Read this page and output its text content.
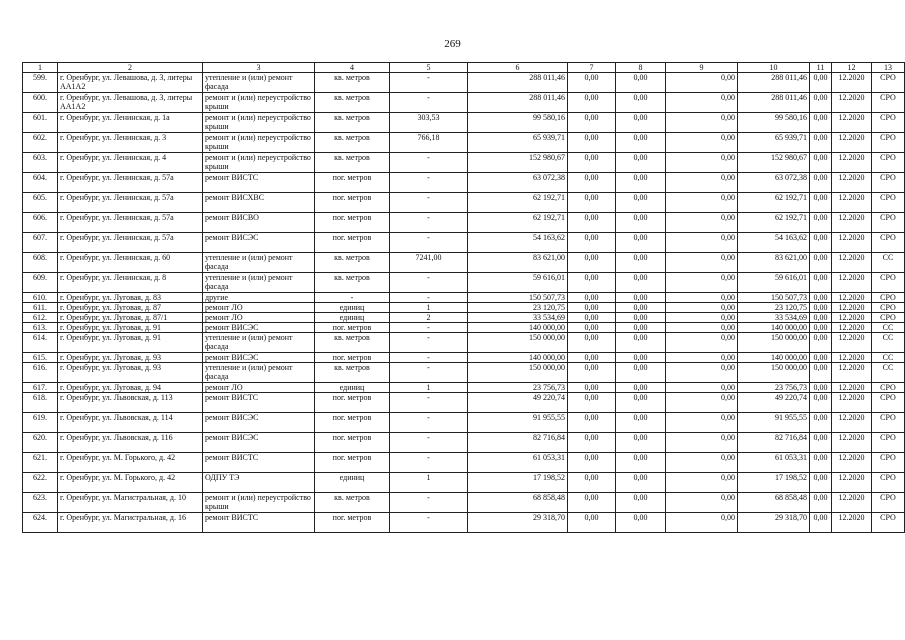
269
1	2	3	4	5	6	7	8	9	10	11	12	13
599.	г. Оренбург, ул. Левашова, д. 3, литеры АА1А2	утепление и (или) ремонт фасада	кв. метров	-	288 011,46	0,00	0,00	0,00	288 011,46	0,00	12.2020	СРО
600.	г. Оренбург, ул. Левашова, д. 3, литеры АА1А2	ремонт и (или) переустройство крыши	кв. метров	-	288 011,46	0,00	0,00	0,00	288 011,46	0,00	12.2020	СРО
601.	г. Оренбург, ул. Ленинская, д. 1а	ремонт и (или) переустройство крыши	кв. метров	303,53	99 580,16	0,00	0,00	0,00	99 580,16	0,00	12.2020	СРО
602.	г. Оренбург, ул. Ленинская, д. 3	ремонт и (или) переустройство крыши	кв. метров	766,18	65 939,71	0,00	0,00	0,00	65 939,71	0,00	12.2020	СРО
603.	г. Оренбург, ул. Ленинская, д. 4	ремонт и (или) переустройство крыши	кв. метров	-	152 980,67	0,00	0,00	0,00	152 980,67	0,00	12.2020	СРО
604.	г. Оренбург, ул. Ленинская, д. 57а	ремонт ВИСТС	пог. метров	-	63 072,38	0,00	0,00	0,00	63 072,38	0,00	12.2020	СРО
605.	г. Оренбург, ул. Ленинская, д. 57а	ремонт ВИСХВС	пог. метров	-	62 192,71	0,00	0,00	0,00	62 192,71	0,00	12.2020	СРО
606.	г. Оренбург, ул. Ленинская, д. 57а	ремонт ВИСВО	пог. метров	-	62 192,71	0,00	0,00	0,00	62 192,71	0,00	12.2020	СРО
607.	г. Оренбург, ул. Ленинская, д. 57а	ремонт ВИСЭС	пог. метров	-	54 163,62	0,00	0,00	0,00	54 163,62	0,00	12.2020	СРО
608.	г. Оренбург, ул. Ленинская, д. 60	утепление и (или) ремонт фасада	кв. метров	7241,00	83 621,00	0,00	0,00	0,00	83 621,00	0,00	12.2020	СС
609.	г. Оренбург, ул. Ленинская, д. 8	утепление и (или) ремонт фасада	кв. метров	-	59 616,01	0,00	0,00	0,00	59 616,01	0,00	12.2020	СРО
610.	г. Оренбург, ул. Луговая, д. 83	другие	-	-	150 507,73	0,00	0,00	0,00	150 507,73	0,00	12.2020	СРО
611.	г. Оренбург, ул. Луговая, д. 87	ремонт ЛО	единиц	1	23 120,75	0,00	0,00	0,00	23 120,75	0,00	12.2020	СРО
612.	г. Оренбург, ул. Луговая, д. 87/1	ремонт ЛО	единиц	2	33 534,69	0,00	0,00	0,00	33 534,69	0,00	12.2020	СРО
613.	г. Оренбург, ул. Луговая, д. 91	ремонт ВИСЭС	пог. метров	-	140 000,00	0,00	0,00	0,00	140 000,00	0,00	12.2020	СС
614.	г. Оренбург, ул. Луговая, д. 91	утепление и (или) ремонт фасада	кв. метров	-	150 000,00	0,00	0,00	0,00	150 000,00	0,00	12.2020	СС
615.	г. Оренбург, ул. Луговая, д. 93	ремонт ВИСЭС	пог. метров	-	140 000,00	0,00	0,00	0,00	140 000,00	0,00	12.2020	СС
616.	г. Оренбург, ул. Луговая, д. 93	утепление и (или) ремонт фасада	кв. метров	-	150 000,00	0,00	0,00	0,00	150 000,00	0,00	12.2020	СС
617.	г. Оренбург, ул. Луговая, д. 94	ремонт ЛО	единиц	1	23 756,73	0,00	0,00	0,00	23 756,73	0,00	12.2020	СРО
618.	г. Оренбург, ул. Львовская, д. 113	ремонт ВИСТС	пог. метров	-	49 220,74	0,00	0,00	0,00	49 220,74	0,00	12.2020	СРО
619.	г. Оренбург, ул. Львовская, д. 114	ремонт ВИСЭС	пог. метров	-	91 955,55	0,00	0,00	0,00	91 955,55	0,00	12.2020	СРО
620.	г. Оренбург, ул. Львовская, д. 116	ремонт ВИСЭС	пог. метров	-	82 716,84	0,00	0,00	0,00	82 716,84	0,00	12.2020	СРО
621.	г. Оренбург, ул. М. Горького, д. 42	ремонт ВИСТС	пог. метров	-	61 053,31	0,00	0,00	0,00	61 053,31	0,00	12.2020	СРО
622.	г. Оренбург, ул. М. Горького, д. 42	ОДПУ ТЭ	единиц	1	17 198,52	0,00	0,00	0,00	17 198,52	0,00	12.2020	СРО
623.	г. Оренбург, ул. Магистральная, д. 10	ремонт и (или) переустройство крыши	кв. метров	-	68 858,48	0,00	0,00	0,00	68 858,48	0,00	12.2020	СРО
624.	г. Оренбург, ул. Магистральная, д. 16	ремонт ВИСТС	пог. метров	-	29 318,70	0,00	0,00	0,00	29 318,70	0,00	12.2020	СРО
